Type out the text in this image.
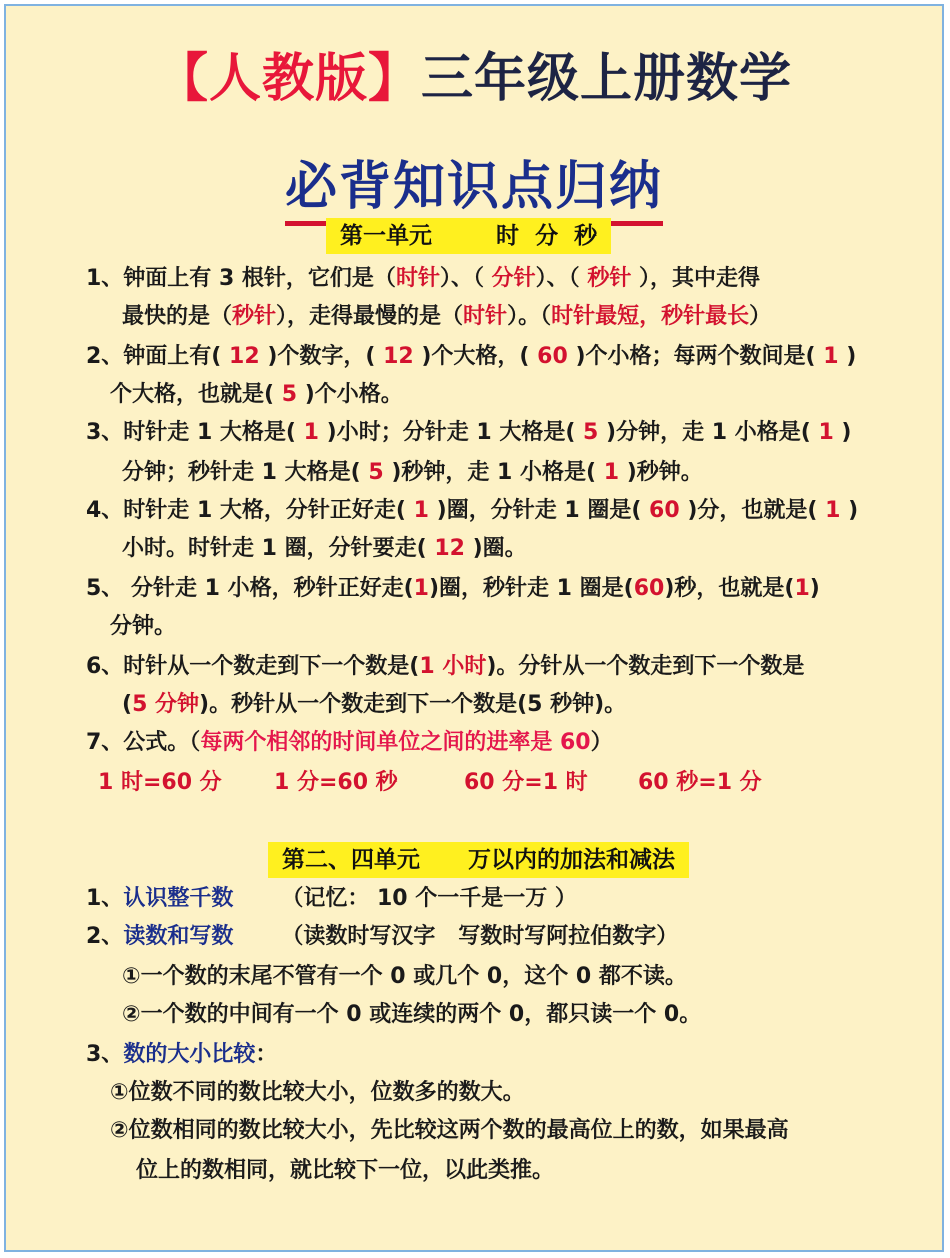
【人教版】三年级上册数学
必背知识点归纳
第一单元        时  分  秒
1、钟面上有 3 根针，它们是（时针）、（ 分针）、（ 秒针 ），其中走得
最快的是（秒针），走得最慢的是（时针）。（时针最短，秒针最长）
2、钟面上有( 12 )个数字，( 12 )个大格，( 60 )个小格；每两个数间是( 1 )
个大格，也就是( 5 )个小格。
3、时针走 1 大格是( 1 )小时；分针走 1 大格是( 5 )分钟，走 1 小格是( 1 )
分钟；秒针走 1 大格是( 5 )秒钟，走 1 小格是( 1 )秒钟。
4、时针走 1 大格，分针正好走( 1 )圈，分针走 1 圈是( 60 )分，也就是( 1 )
小时。时针走 1 圈，分针要走( 12 )圈。
5、 分针走 1 小格，秒针正好走(1)圈，秒针走 1 圈是(60)秒，也就是(1)
分钟。
6、时针从一个数走到下一个数是(1 小时)。分针从一个数走到下一个数是
(5 分钟)。秒针从一个数走到下一个数是(5 秒钟)。
7、公式。（每两个相邻的时间单位之间的进率是 60）
1 时=60 分 1 分=60 秒	60 分=1 时 60 秒=1 分
第二、四单元      万以内的加法和减法
1、认识整千数 （记忆： 10 个一千是一万 ）
2、读数和写数 （读数时写汉字   写数时写阿拉伯数字）
①一个数的末尾不管有一个 0 或几个 0，这个 0 都不读。
②一个数的中间有一个 0 或连续的两个 0，都只读一个 0。
3、数的大小比较：
①位数不同的数比较大小，位数多的数大。
②位数相同的数比较大小，先比较这两个数的最高位上的数，如果最高
位上的数相同，就比较下一位，以此类推。
